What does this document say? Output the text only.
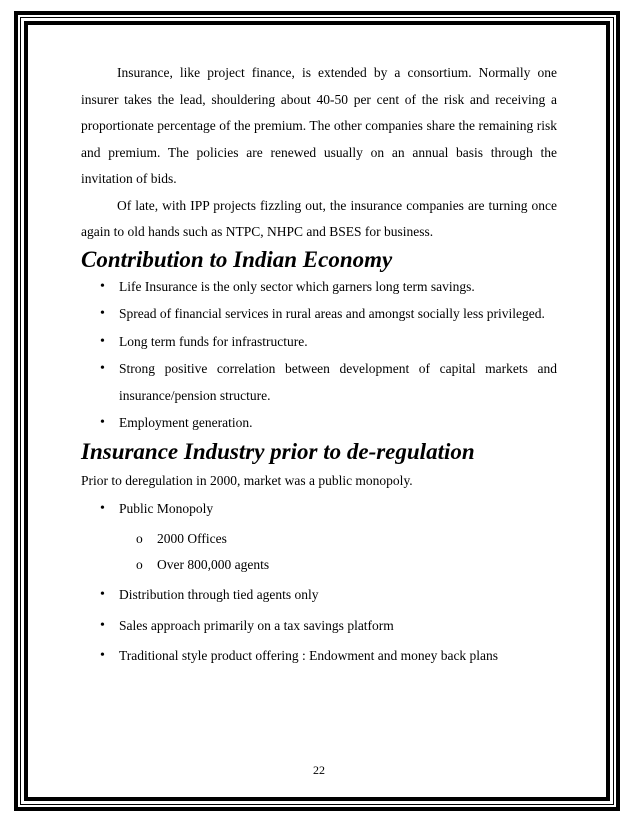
Insurance, like project finance, is extended by a consortium. Normally one insurer takes the lead, shouldering about 40-50 per cent of the risk and receiving a proportionate percentage of the premium. The other companies share the remaining risk and premium. The policies are renewed usually on an annual basis through the invitation of bids.

Of late, with IPP projects fizzling out, the insurance companies are turning once again to old hands such as NTPC, NHPC and BSES for business.

Contribution to Indian Economy
• Life Insurance is the only sector which garners long term savings.
• Spread of financial services in rural areas and amongst socially less privileged.
• Long term funds for infrastructure.
• Strong positive correlation between development of capital markets and insurance/pension structure.
• Employment generation.
Insurance Industry prior to de-regulation

Prior to deregulation in 2000, market was a public monopoly.

• Public Monopoly
o 2000 Offices
o Over 800,000 agents
• Distribution through tied agents only
• Sales approach primarily on a tax savings platform
• Traditional style product offering : Endowment and money back plans
22
